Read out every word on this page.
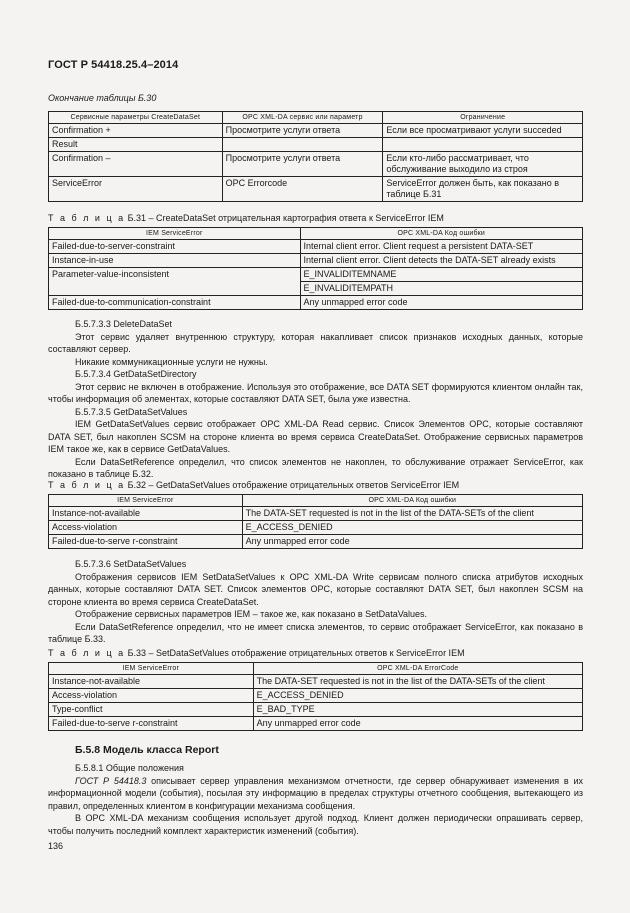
ГОСТ Р 54418.25.4–2014
Окончание таблицы Б.30
Сервисные параметры CreateDataSet	OPC XML-DA сервис или параметр	Ограничение
Confirmation +	Просмотрите услуги ответа	Если все просматривают услуги succeded
Result		
Confirmation –	Просмотрите услуги ответа	Если кто-либо рассматривает, что обслуживание выходило из строя
ServiceError	OPC Errorcode	ServiceError должен быть, как показано в таблице Б.31
Т а б л и ц а Б.31 – CreateDataSet отрицательная картография ответа к ServiceError IEM
IEM ServiceError	OPC XML-DA Код ошибки
Failed-due-to-server-constraint	Internal client error. Client request a persistent DATA-SET
Instance-in-use	Internal client error. Client detects the DATA-SET already exists
Parameter-value-inconsistent	E_INVALIDITEMNAME
	E_INVALIDITEMPATH
Failed-due-to-communication-constraint	Any unmapped error code

Б.5.7.3.3 DeleteDataSet

Этот сервис удаляет внутреннюю структуру, которая накапливает список признаков исходных данных, которые составляют сервер.

Никакие коммуникационные услуги не нужны.

Б.5.7.3.4 GetDataSetDirectory

Этот сервис не включен в отображение. Используя это отображение, все DATA SET формируются клиентом онлайн так, чтобы информация об элементах, которые составляют DATA SET, была уже известна.

Б.5.7.3.5 GetDataSetValues

IEM GetDataSetValues сервис отображает OPC XML-DA Read сервис. Список Элементов OPC, которые составляют DATA SET, был накоплен SCSM на стороне клиента во время сервиса CreateDataSet. Отображение сервисных параметров IEM такое же, как в сервисе GetDataValues.

Если DataSetReference определил, что список элементов не накоплен, то обслуживание отражает ServiceError, как показано в таблице Б.32.

Т а б л и ц а Б.32 – GetDataSetValues отображение отрицательных ответов ServiceError IEM
IEM ServiceError	OPC XML-DA Код ошибки
Instance-not-available	The DATA-SET requested is not in the list of the DATA-SETs of the client
Access-violation	E_ACCESS_DENIED
Failed-due-to-serve r-constraint	Any unmapped error code

Б.5.7.3.6 SetDataSetValues

Отображения сервисов IEM SetDataSetValues к OPC XML-DA Write сервисам полного списка атрибутов исходных данных, которые составляют DATA SET. Список элементов OPC, которые составляют DATA SET, был накоплен SCSM на стороне клиента во время сервиса CreateDataSet.

Отображение сервисных параметров IEM – такое же, как показано в SetDataValues.

Если DataSetReference определил, что не имеет списка элементов, то сервис отображает ServiceError, как показано в таблице Б.33.

Т а б л и ц а Б.33 – SetDataSetValues отображение отрицательных ответов к ServiceError IEM
IEM ServiceError	OPC XML-DA ErrorCode
Instance-not-available	The DATA-SET requested is not in the list of the DATA-SETs of the client
Access-violation	E_ACCESS_DENIED
Type-conflict	E_BAD_TYPE
Failed-due-to-serve r-constraint	Any unmapped error code
Б.5.8 Модель класса Report

Б.5.8.1 Общие положения

ГОСТ Р 54418.3 описывает сервер управления механизмом отчетности, где сервер обнаруживает изменения в их информационной модели (события), посылая эту информацию в пределах структуры отчетного сообщения, вытекающего из правил, определенных клиентом в конфигурации механизма сообщения.

В OPC XML-DA механизм сообщения использует другой подход. Клиент должен периодически опрашивать сервер, чтобы получить последний комплект характеристик изменений (события).

136
